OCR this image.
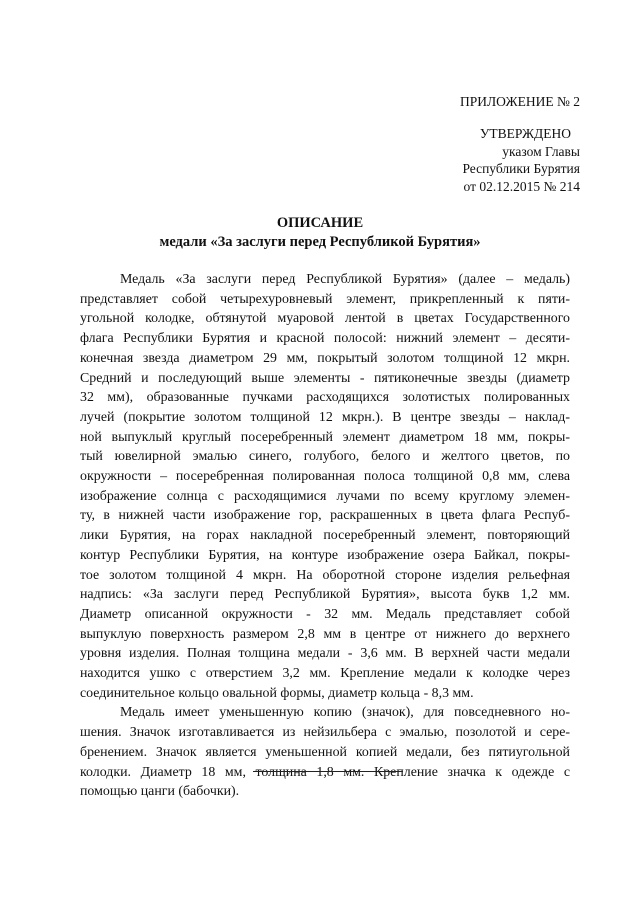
ПРИЛОЖЕНИЕ № 2
УТВЕРЖДЕНО
указом Главы
Республики Бурятия
от 02.12.2015 № 214
ОПИСАНИЕ
медали «За заслуги перед Республикой Бурятия»
Медаль «За заслуги перед Республикой Бурятия» (далее – медаль)
представляет собой четырехуровневый элемент, прикрепленный к пяти-
угольной колодке, обтянутой муаровой лентой в цветах Государственного
флага Республики Бурятия и красной полосой: нижний элемент – десяти-
конечная звезда диаметром 29 мм, покрытый золотом толщиной 12 мкрн.
Средний и последующий выше элементы - пятиконечные звезды (диаметр
32 мм), образованные пучками расходящихся золотистых полированных
лучей (покрытие золотом толщиной 12 мкрн.). В центре звезды – наклад-
ной выпуклый круглый посеребренный элемент диаметром 18 мм, покры-
тый ювелирной эмалью синего, голубого, белого и желтого цветов, по
окружности – посеребренная полированная полоса толщиной 0,8 мм, слева
изображение солнца с расходящимися лучами по всему круглому элемен-
ту, в нижней части изображение гор, раскрашенных в цвета флага Респуб-
лики Бурятия, на горах накладной посеребренный элемент, повторяющий
контур Республики Бурятия, на контуре изображение озера Байкал, покры-
тое золотом толщиной 4 мкрн. На оборотной стороне изделия рельефная
надпись: «За заслуги перед Республикой Бурятия», высота букв 1,2 мм.
Диаметр описанной окружности - 32 мм. Медаль представляет собой
выпуклую поверхность размером 2,8 мм в центре от нижнего до верхнего
уровня изделия. Полная толщина медали - 3,6 мм. В верхней части медали
находится ушко с отверстием 3,2 мм. Крепление медали к колодке через
соединительное кольцо овальной формы, диаметр кольца - 8,3 мм.
Медаль имеет уменьшенную копию (значок), для повседневного но-
шения. Значок изготавливается из нейзильбера с эмалью, позолотой и сере-
бренением. Значок является уменьшенной копией медали, без пятиугольной
колодки. Диаметр 18 мм, толщина 1,8 мм. Крепление значка к одежде с
помощью цанги (бабочки).
